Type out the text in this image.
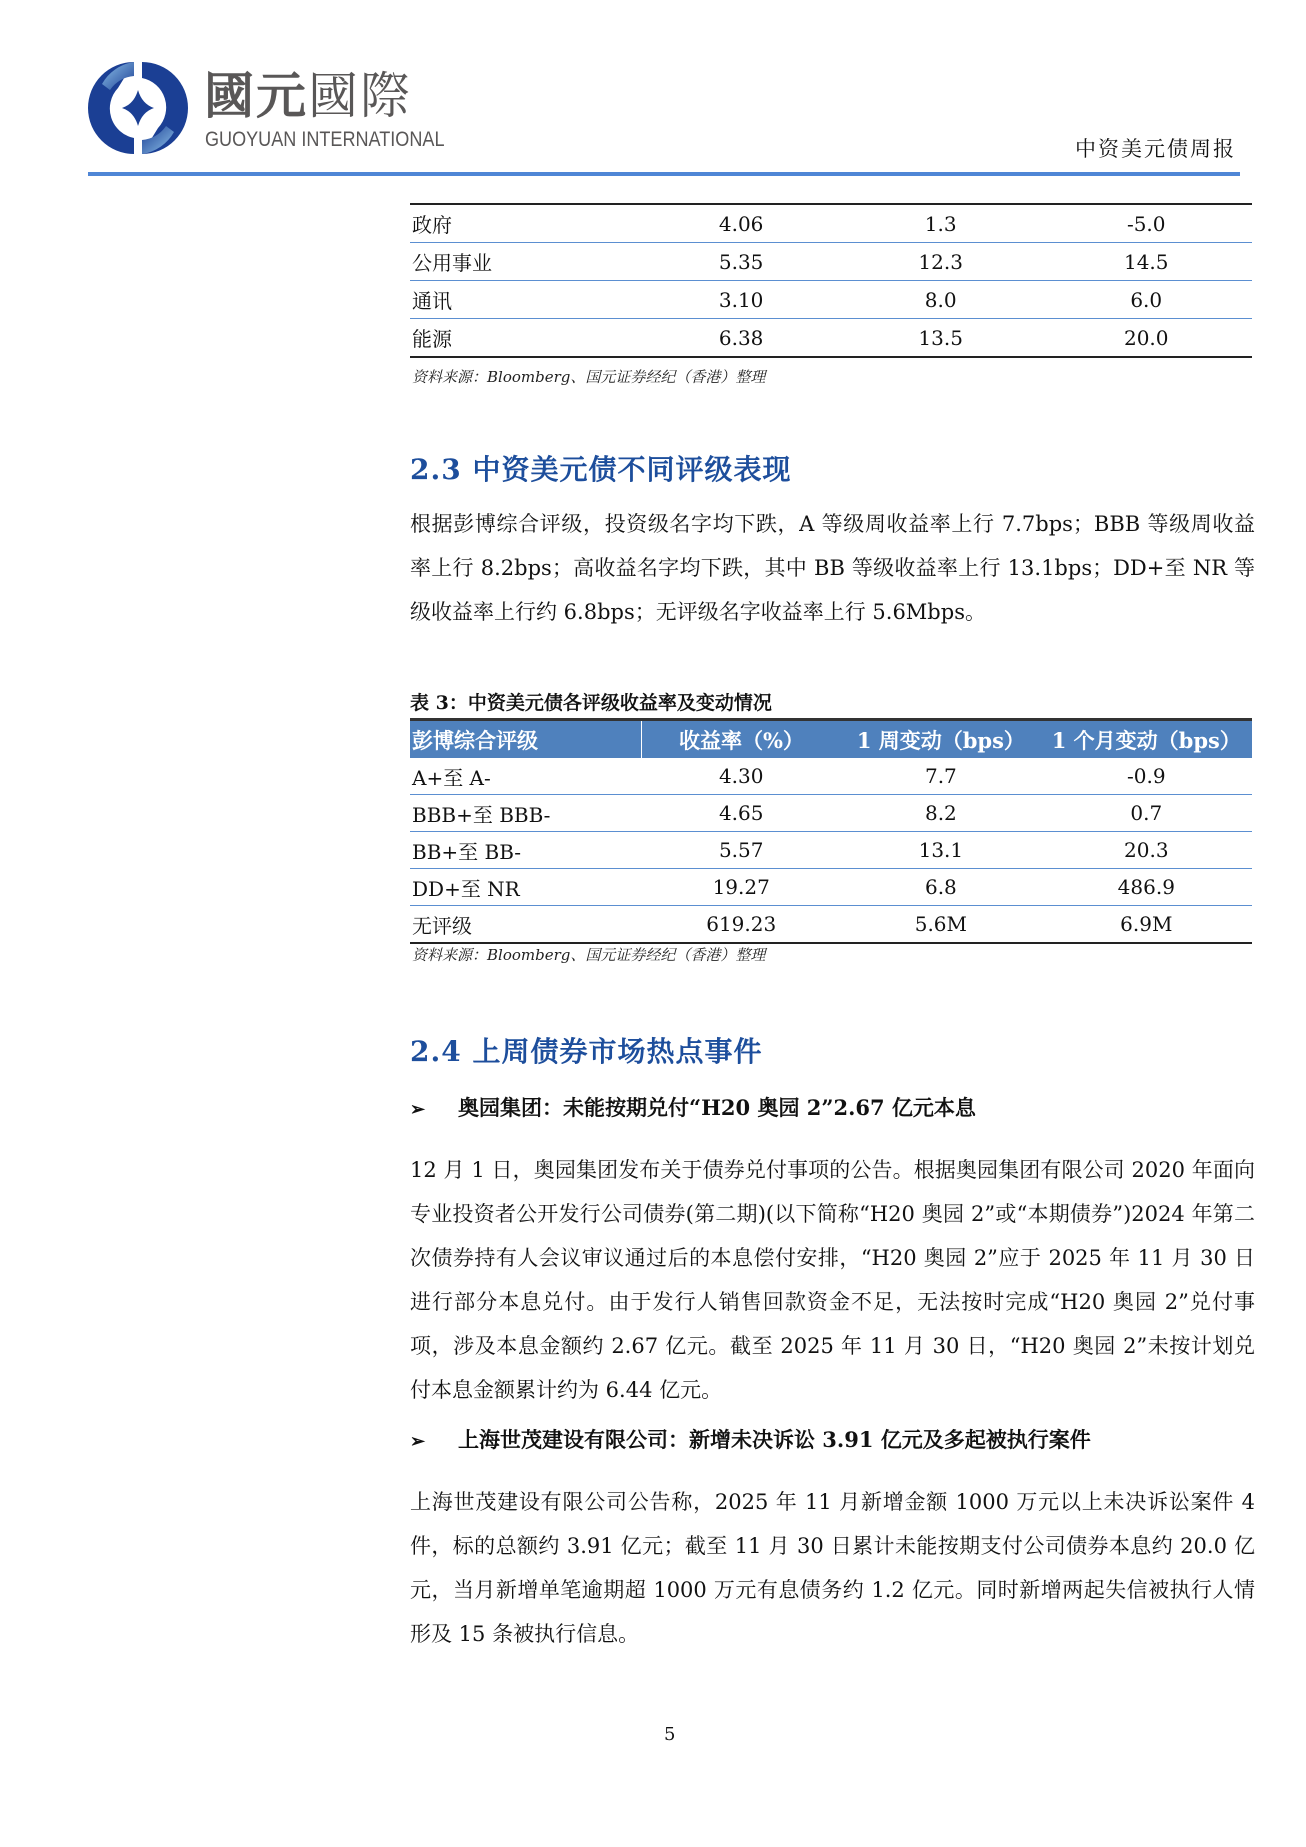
國元國際
GUOYUAN INTERNATIONAL	中资美元债周报
政府	4.06	1.3	-5.0
公用事业	5.35	12.3	14.5
通讯	3.10	8.0	6.0
能源	6.38	13.5	20.0
资料来源：Bloomberg、国元证券经纪（香港）整理
2.3 中资美元债不同评级表现
根据彭博综合评级，投资级名字均下跌，A 等级周收益率上行 7.7bps；BBB 等级周收益率上行 8.2bps；高收益名字均下跌，其中 BB 等级收益率上行 13.1bps；DD+至 NR 等级收益率上行约 6.8bps；无评级名字收益率上行 5.6Mbps。
表 3：中资美元债各评级收益率及变动情况
彭博综合评级	收益率（%）	1 周变动（bps）	1 个月变动（bps）
A+至 A-	4.30	7.7	-0.9
BBB+至 BBB-	4.65	8.2	0.7
BB+至 BB-	5.57	13.1	20.3
DD+至 NR	19.27	6.8	486.9
无评级	619.23	5.6M	6.9M
资料来源：Bloomberg、国元证券经纪（香港）整理
2.4 上周债券市场热点事件
➢ 奥园集团：未能按期兑付“H20 奥园 2”2.67 亿元本息
12 月 1 日，奥园集团发布关于债券兑付事项的公告。根据奥园集团有限公司 2020 年面向专业投资者公开发行公司债券(第二期)(以下简称“H20 奥园 2”或“本期债券”)2024 年第二次债券持有人会议审议通过后的本息偿付安排，“H20 奥园 2”应于 2025 年 11 月 30 日进行部分本息兑付。由于发行人销售回款资金不足，无法按时完成“H20 奥园 2”兑付事项，涉及本息金额约 2.67 亿元。截至 2025 年 11 月 30 日，“H20 奥园 2”未按计划兑付本息金额累计约为 6.44 亿元。
➢ 上海世茂建设有限公司：新增未决诉讼 3.91 亿元及多起被执行案件
上海世茂建设有限公司公告称，2025 年 11 月新增金额 1000 万元以上未决诉讼案件 4 件，标的总额约 3.91 亿元；截至 11 月 30 日累计未能按期支付公司债券本息约 20.0 亿元，当月新增单笔逾期超 1000 万元有息债务约 1.2 亿元。同时新增两起失信被执行人情形及 15 条被执行信息。
5
